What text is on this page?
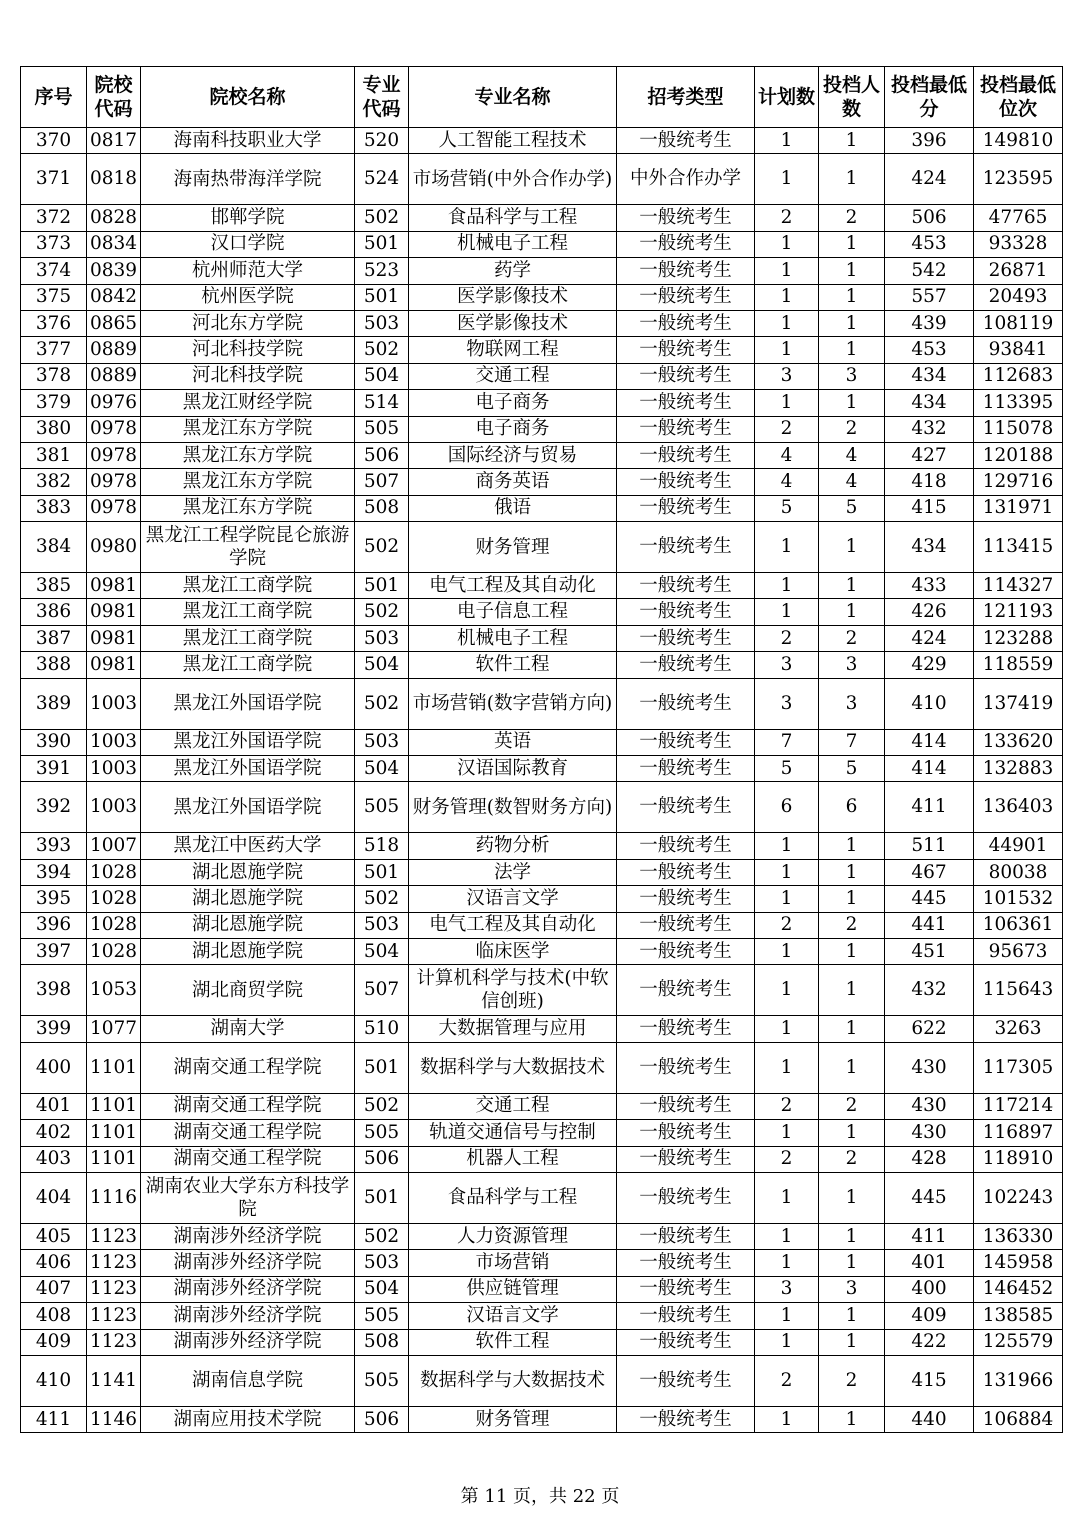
序号	院校代码	院校名称	专业代码	专业名称	招考类型	计划数	投档人数	投档最低分	投档最低位次
370	0817	海南科技职业大学	520	人工智能工程技术	一般统考生	1	1	396	149810
371	0818	海南热带海洋学院	524	市场营销(中外合作办学)	中外合作办学	1	1	424	123595
372	0828	邯郸学院	502	食品科学与工程	一般统考生	2	2	506	47765
373	0834	汉口学院	501	机械电子工程	一般统考生	1	1	453	93328
374	0839	杭州师范大学	523	药学	一般统考生	1	1	542	26871
375	0842	杭州医学院	501	医学影像技术	一般统考生	1	1	557	20493
376	0865	河北东方学院	503	医学影像技术	一般统考生	1	1	439	108119
377	0889	河北科技学院	502	物联网工程	一般统考生	1	1	453	93841
378	0889	河北科技学院	504	交通工程	一般统考生	3	3	434	112683
379	0976	黑龙江财经学院	514	电子商务	一般统考生	1	1	434	113395
380	0978	黑龙江东方学院	505	电子商务	一般统考生	2	2	432	115078
381	0978	黑龙江东方学院	506	国际经济与贸易	一般统考生	4	4	427	120188
382	0978	黑龙江东方学院	507	商务英语	一般统考生	4	4	418	129716
383	0978	黑龙江东方学院	508	俄语	一般统考生	5	5	415	131971
384	0980	黑龙江工程学院昆仑旅游学院	502	财务管理	一般统考生	1	1	434	113415
385	0981	黑龙江工商学院	501	电气工程及其自动化	一般统考生	1	1	433	114327
386	0981	黑龙江工商学院	502	电子信息工程	一般统考生	1	1	426	121193
387	0981	黑龙江工商学院	503	机械电子工程	一般统考生	2	2	424	123288
388	0981	黑龙江工商学院	504	软件工程	一般统考生	3	3	429	118559
389	1003	黑龙江外国语学院	502	市场营销(数字营销方向)	一般统考生	3	3	410	137419
390	1003	黑龙江外国语学院	503	英语	一般统考生	7	7	414	133620
391	1003	黑龙江外国语学院	504	汉语国际教育	一般统考生	5	5	414	132883
392	1003	黑龙江外国语学院	505	财务管理(数智财务方向)	一般统考生	6	6	411	136403
393	1007	黑龙江中医药大学	518	药物分析	一般统考生	1	1	511	44901
394	1028	湖北恩施学院	501	法学	一般统考生	1	1	467	80038
395	1028	湖北恩施学院	502	汉语言文学	一般统考生	1	1	445	101532
396	1028	湖北恩施学院	503	电气工程及其自动化	一般统考生	2	2	441	106361
397	1028	湖北恩施学院	504	临床医学	一般统考生	1	1	451	95673
398	1053	湖北商贸学院	507	计算机科学与技术(中软信创班)	一般统考生	1	1	432	115643
399	1077	湖南大学	510	大数据管理与应用	一般统考生	1	1	622	3263
400	1101	湖南交通工程学院	501	数据科学与大数据技术	一般统考生	1	1	430	117305
401	1101	湖南交通工程学院	502	交通工程	一般统考生	2	2	430	117214
402	1101	湖南交通工程学院	505	轨道交通信号与控制	一般统考生	1	1	430	116897
403	1101	湖南交通工程学院	506	机器人工程	一般统考生	2	2	428	118910
404	1116	湖南农业大学东方科技学院	501	食品科学与工程	一般统考生	1	1	445	102243
405	1123	湖南涉外经济学院	502	人力资源管理	一般统考生	1	1	411	136330
406	1123	湖南涉外经济学院	503	市场营销	一般统考生	1	1	401	145958
407	1123	湖南涉外经济学院	504	供应链管理	一般统考生	3	3	400	146452
408	1123	湖南涉外经济学院	505	汉语言文学	一般统考生	1	1	409	138585
409	1123	湖南涉外经济学院	508	软件工程	一般统考生	1	1	422	125579
410	1141	湖南信息学院	505	数据科学与大数据技术	一般统考生	2	2	415	131966
411	1146	湖南应用技术学院	506	财务管理	一般统考生	1	1	440	106884
第 11 页，共 22 页
